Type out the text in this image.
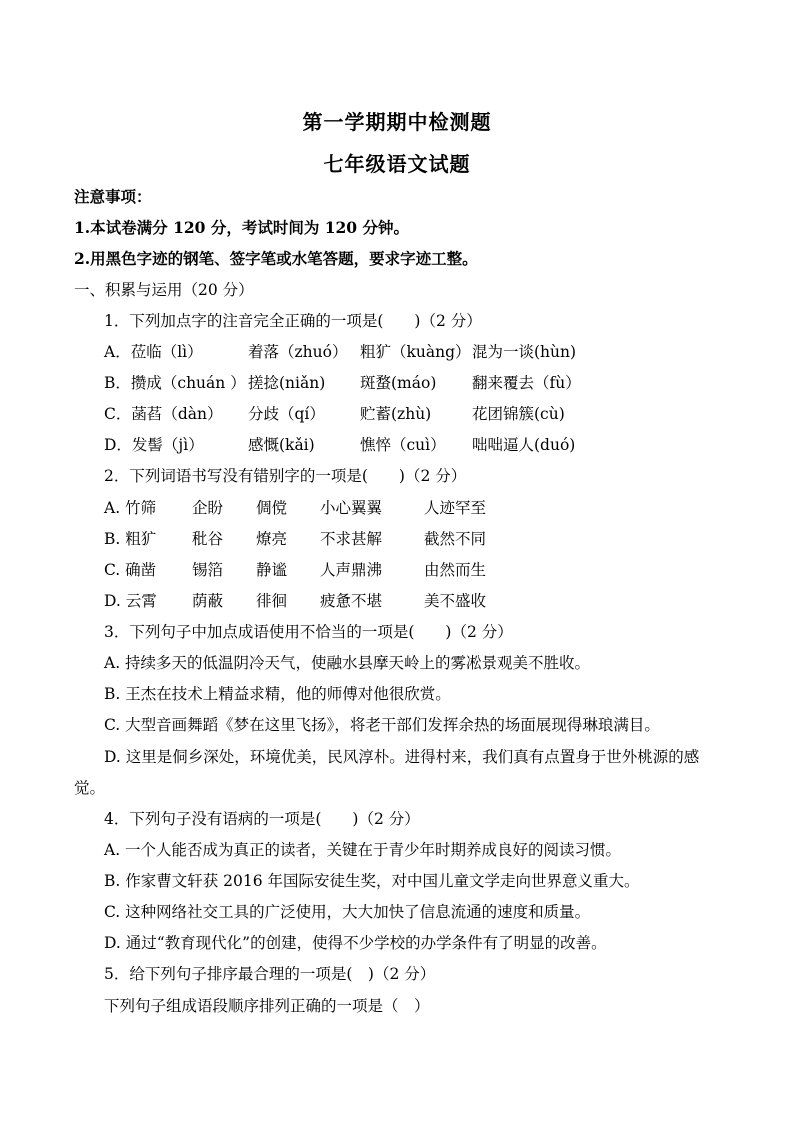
第一学期期中检测题
七年级语文试题
注意事项：
1.本试卷满分 120 分，考试时间为 120 分钟。
2.用黑色字迹的钢笔、签字笔或水笔答题，要求字迹工整。
一、积累与运用（20 分）
1．下列加点字的注音完全正确的一项是(　　)（2 分）
A．莅临（lì）	着落（zhuó） 粗犷（kuàng） 混为一谈(hùn)
B．攒成（chuán ） 搓捻(niǎn) 斑蝥(máo) 翻来覆去（fù）
C．菡萏（dàn） 分歧（qí） 贮蓄(zhù)	花团锦簇(cù)
D．发髻（jì）	感慨(kǎi)	憔悴（cuì） 咄咄逼人(duó)
2．下列词语书写没有错别字的一项是(　　)（2 分）
A. 竹筛 企盼 倜傥 小心翼翼	人迹罕至
B. 粗犷 秕谷 燎亮 不求甚解	截然不同
C. 确凿 锡箔 静谧 人声鼎沸	由然而生
D. 云霄 荫蔽 徘徊 疲惫不堪	美不盛收
3．下列句子中加点成语使用不恰当的一项是(　　)（2 分）
A. 持续多天的低温阴冷天气，使融水县摩天岭上的雾凇景观美不胜收。
B. 王杰在技术上精益求精，他的师傅对他很欣赏。
C. 大型音画舞蹈《梦在这里飞扬》，将老干部们发挥余热的场面展现得琳琅满目。
D. 这里是侗乡深处，环境优美，民风淳朴。进得村来，我们真有点置身于世外桃源的感
觉。
4．下列句子没有语病的一项是(　　)（2 分）
A. 一个人能否成为真正的读者，关键在于青少年时期养成良好的阅读习惯。
B. 作家曹文轩获 2016 年国际安徒生奖，对中国儿童文学走向世界意义重大。
C. 这种网络社交工具的广泛使用，大大加快了信息流通的速度和质量。
D. 通过“教育现代化”的创建，使得不少学校的办学条件有了明显的改善。
5．给下列句子排序最合理的一项是(　)（2 分）
下列句子组成语段顺序排列正确的一项是（　）
